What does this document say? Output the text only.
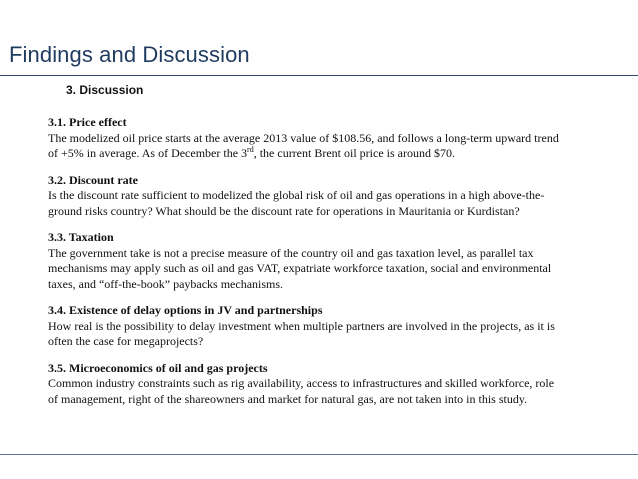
Findings and Discussion
3. Discussion
3.1. Price effect
The modelized oil price starts at the average 2013 value of $108.56, and follows a long-term upward trend
of +5% in average. As of December the 3rd, the current Brent oil price is around $70.
3.2. Discount rate
Is the discount rate sufficient to modelized the global risk of oil and gas operations in a high above-the-
ground risks country? What should be the discount rate for operations in Mauritania or Kurdistan?
3.3. Taxation
The government take is not a precise measure of the country oil and gas taxation level, as parallel tax
mechanisms may apply such as oil and gas VAT, expatriate workforce taxation, social and environmental
taxes, and “off-the-book” paybacks mechanisms.
3.4. Existence of delay options in JV and partnerships
How real is the possibility to delay investment when multiple partners are involved in the projects, as it is
often the case for megaprojects?
3.5. Microeconomics of oil and gas projects
Common industry constraints such as rig availability, access to infrastructures and skilled workforce, role
of management, right of the shareowners and market for natural gas, are not taken into in this study.
